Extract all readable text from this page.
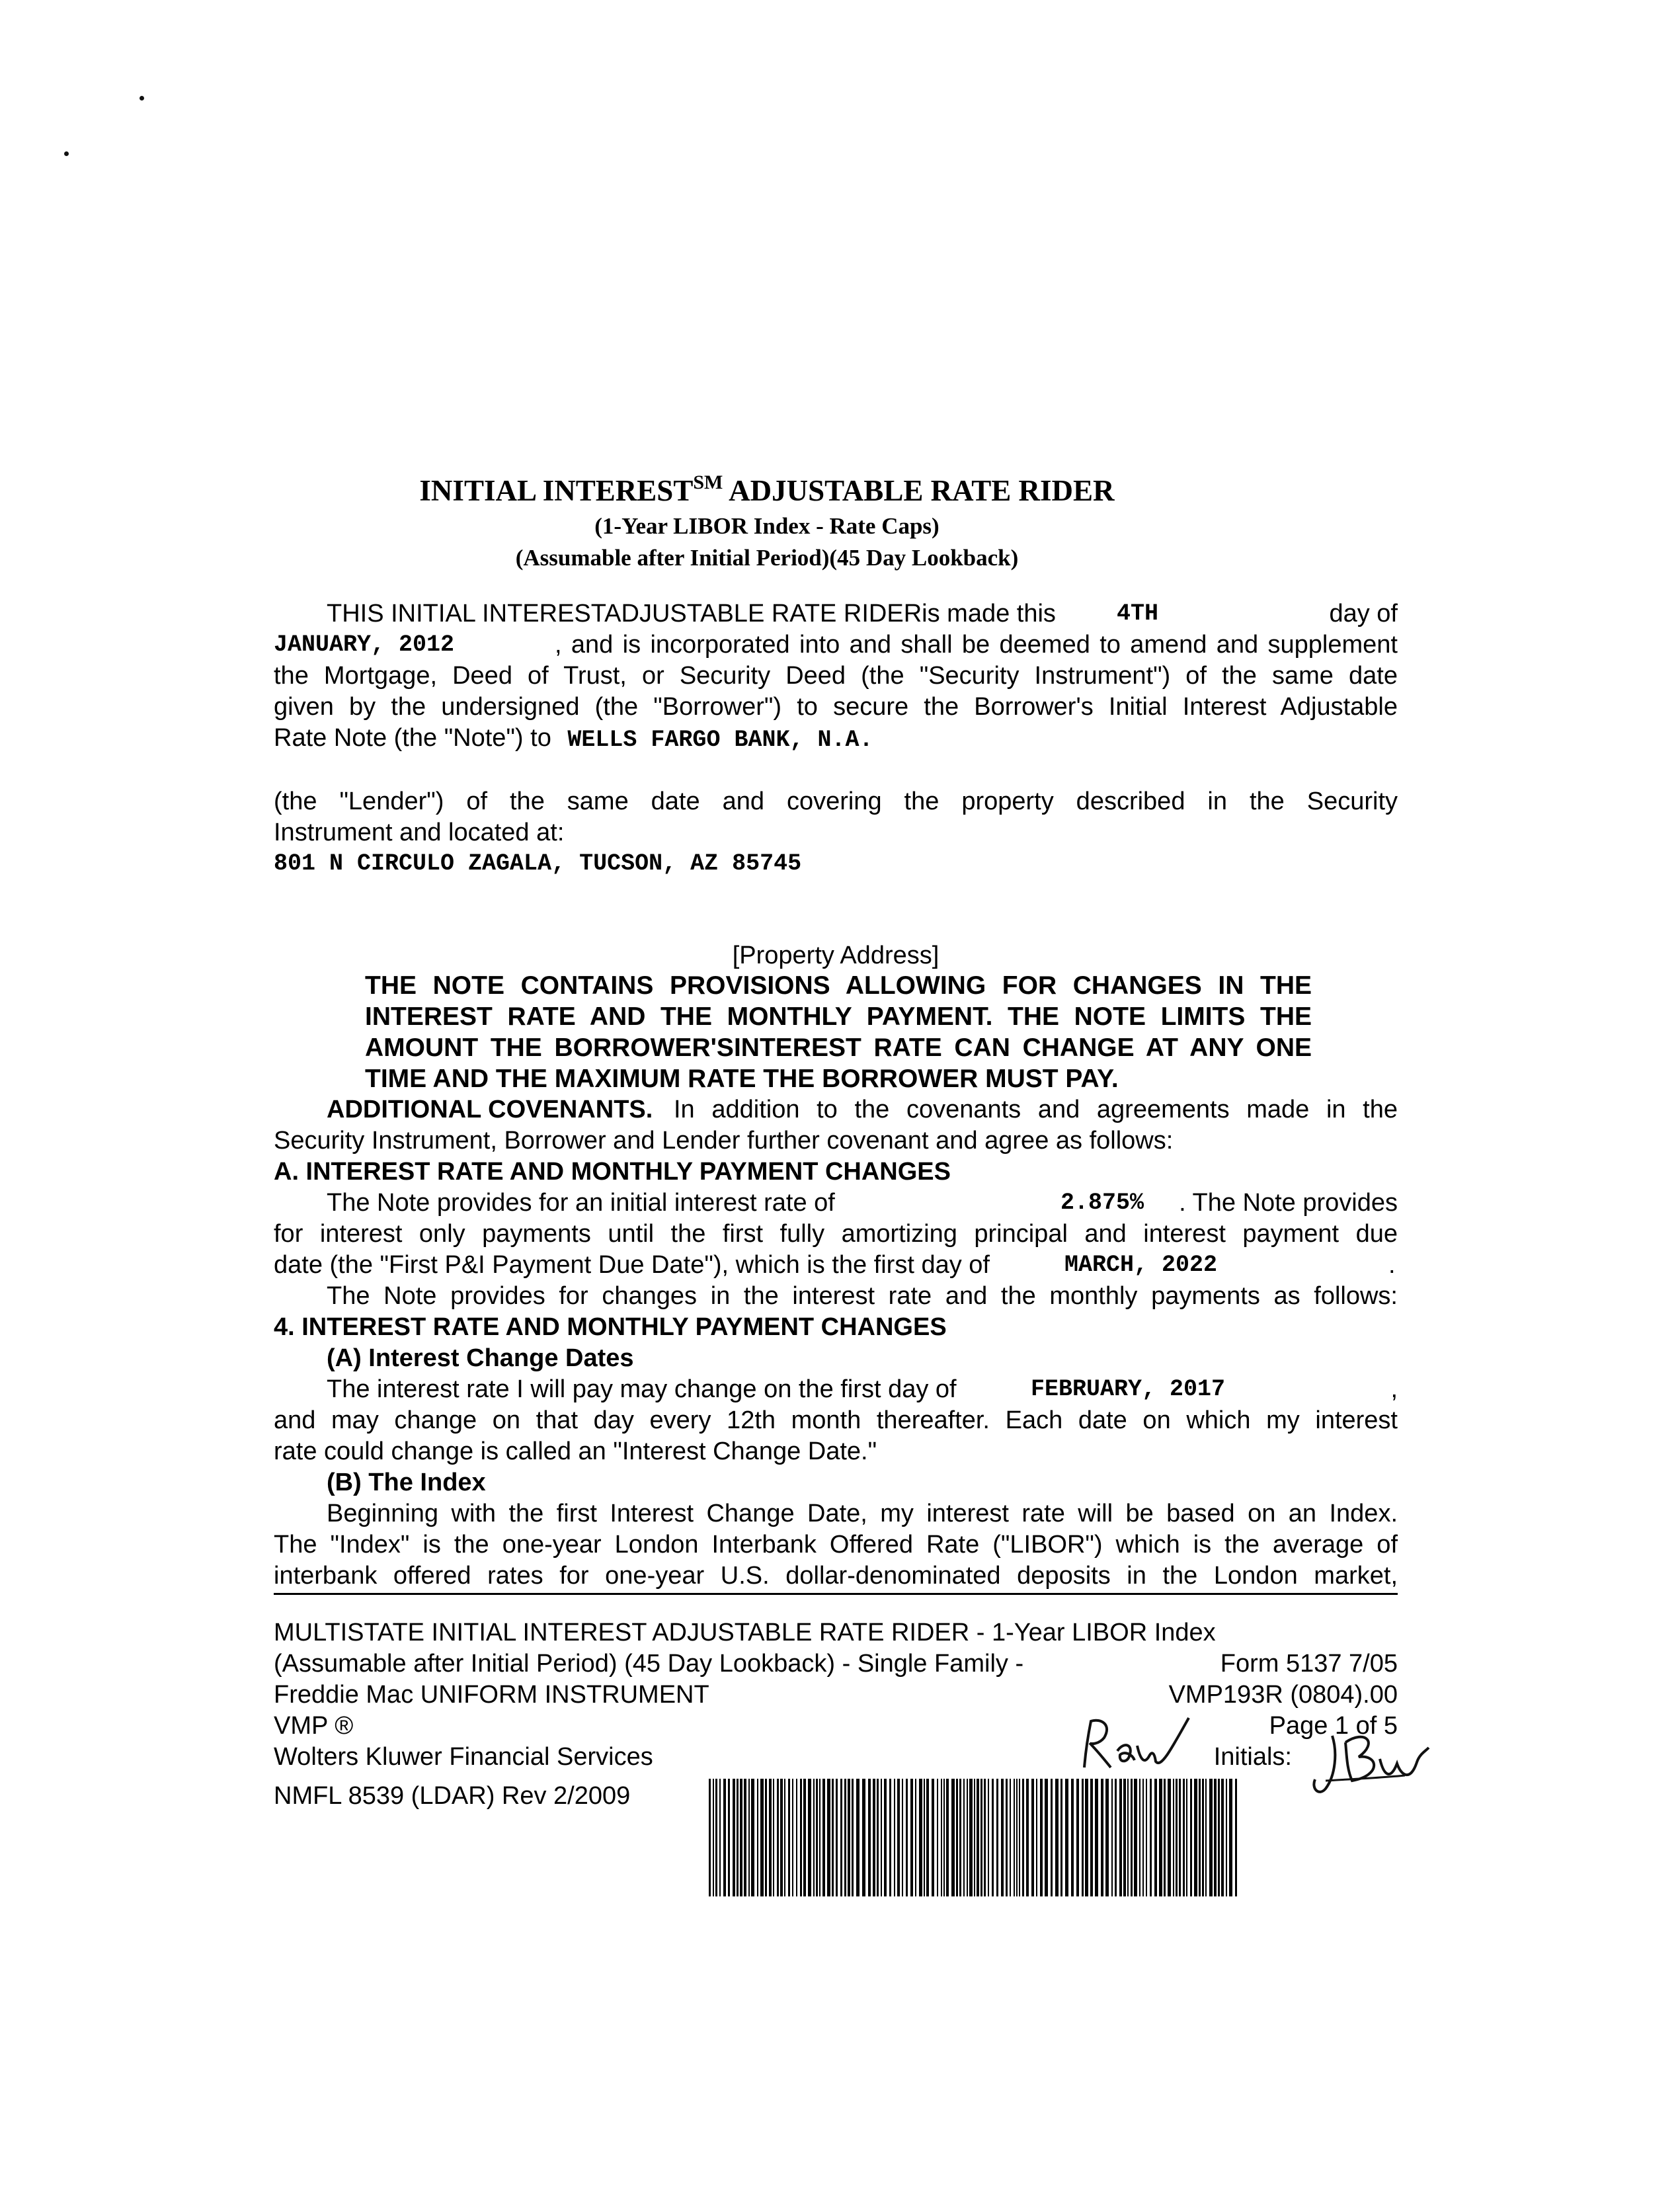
INITIAL INTEREST℠ ADJUSTABLE RATE RIDER
(1-Year LIBOR Index - Rate Caps)
(Assumable after Initial Period)(45 Day Lookback)
THIS INITIAL INTERESTADJUSTABLE RATE RIDERis made this	4TH	day of
JANUARY, 2012	, and is incorporated into and shall be deemed to amend and supplement
the Mortgage, Deed of Trust, or Security Deed (the "Security Instrument") of the same date
given by the undersigned (the "Borrower") to secure the Borrower's Initial Interest Adjustable
Rate Note (the "Note") to WELLS FARGO BANK, N.A.
(the "Lender") of the same date and covering the property described in the Security
Instrument and located at:
801 N CIRCULO ZAGALA, TUCSON, AZ 85745
[Property Address]
THE NOTE CONTAINS PROVISIONS ALLOWING FOR CHANGES IN THE
INTEREST RATE AND THE MONTHLY PAYMENT. THE NOTE LIMITS THE
AMOUNT THE BORROWER'SINTEREST RATE CAN CHANGE AT ANY ONE
TIME AND THE MAXIMUM RATE THE BORROWER MUST PAY.
ADDITIONAL COVENANTS. In addition to the covenants and agreements made in the
Security Instrument, Borrower and Lender further covenant and agree as follows:
A. INTEREST RATE AND MONTHLY PAYMENT CHANGES
The Note provides for an initial interest rate of	2.875% . The Note provides
for interest only payments until the first fully amortizing principal and interest payment due
date (the "First P&I Payment Due Date"), which is the first day of	MARCH, 2022	.
The Note provides for changes in the interest rate and the monthly payments as follows:
4. INTEREST RATE AND MONTHLY PAYMENT CHANGES
(A) Interest Change Dates
The interest rate I will pay may change on the first day of	FEBRUARY, 2017	,
and may change on that day every 12th month thereafter. Each date on which my interest
rate could change is called an "Interest Change Date."
(B) The Index
Beginning with the first Interest Change Date, my interest rate will be based on an Index.
The "Index" is the one-year London Interbank Offered Rate ("LIBOR") which is the average of
interbank offered rates for one-year U.S. dollar-denominated deposits in the London market,
MULTISTATE INITIAL INTEREST ADJUSTABLE RATE RIDER - 1-Year LIBOR Index
(Assumable after Initial Period) (45 Day Lookback) - Single Family -	Form 5137 7/05
Freddie Mac UNIFORM INSTRUMENT	VMP193R (0804).00
VMP ®	Page 1 of 5
Wolters Kluwer Financial Services	Initials:
NMFL 8539 (LDAR) Rev 2/2009
